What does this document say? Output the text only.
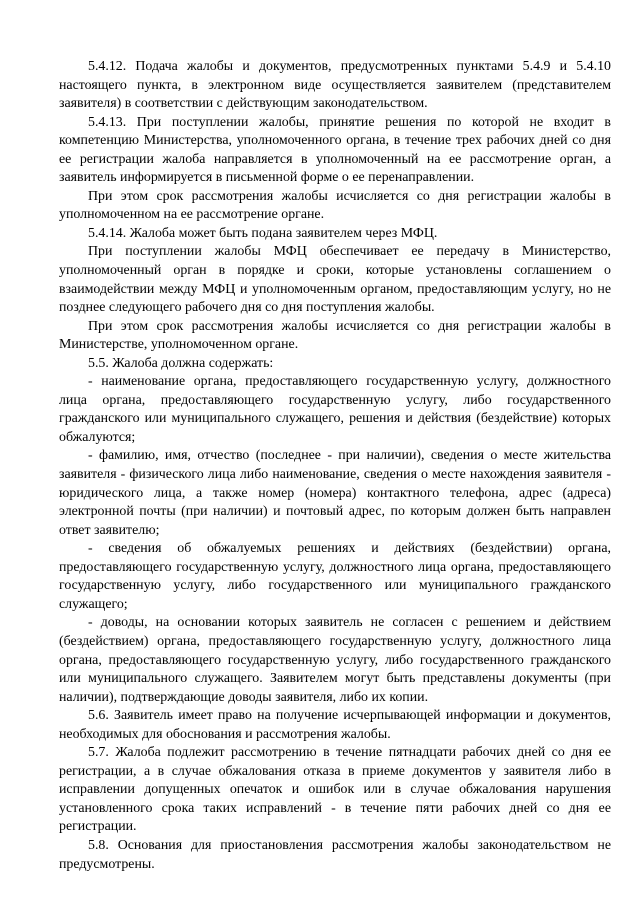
5.4.12. Подача жалобы и документов, предусмотренных пунктами 5.4.9 и 5.4.10 настоящего пункта, в электронном виде осуществляется заявителем (представителем заявителя) в соответствии с действующим законодательством.

5.4.13. При поступлении жалобы, принятие решения по которой не входит в компетенцию Министерства, уполномоченного органа, в течение трех рабочих дней со дня ее регистрации жалоба направляется в уполномоченный на ее рассмотрение орган, а заявитель информируется в письменной форме о ее перенаправлении.

При этом срок рассмотрения жалобы исчисляется со дня регистрации жалобы в уполномоченном на ее рассмотрение органе.

5.4.14. Жалоба может быть подана заявителем через МФЦ.

При поступлении жалобы МФЦ обеспечивает ее передачу в Министерство, уполномоченный орган в порядке и сроки, которые установлены соглашением о взаимодействии между МФЦ и уполномоченным органом, предоставляющим услугу, но не позднее следующего рабочего дня со дня поступления жалобы.

При этом срок рассмотрения жалобы исчисляется со дня регистрации жалобы в Министерстве, уполномоченном органе.

5.5. Жалоба должна содержать:

- наименование органа, предоставляющего государственную услугу, должностного лица органа, предоставляющего государственную услугу, либо государственного гражданского или муниципального служащего, решения и действия (бездействие) которых обжалуются;

- фамилию, имя, отчество (последнее - при наличии), сведения о месте жительства заявителя - физического лица либо наименование, сведения о месте нахождения заявителя - юридического лица, а также номер (номера) контактного телефона, адрес (адреса) электронной почты (при наличии) и почтовый адрес, по которым должен быть направлен ответ заявителю;

- сведения об обжалуемых решениях и действиях (бездействии) органа, предоставляющего государственную услугу, должностного лица органа, предоставляющего государственную услугу, либо государственного или муниципального гражданского служащего;

- доводы, на основании которых заявитель не согласен с решением и действием (бездействием) органа, предоставляющего государственную услугу, должностного лица органа, предоставляющего государственную услугу, либо государственного гражданского или муниципального служащего. Заявителем могут быть представлены документы (при наличии), подтверждающие доводы заявителя, либо их копии.

5.6. Заявитель имеет право на получение исчерпывающей информации и документов, необходимых для обоснования и рассмотрения жалобы.

5.7. Жалоба подлежит рассмотрению в течение пятнадцати рабочих дней со дня ее регистрации, а в случае обжалования отказа в приеме документов у заявителя либо в исправлении допущенных опечаток и ошибок или в случае обжалования нарушения установленного срока таких исправлений - в течение пяти рабочих дней со дня ее регистрации.

5.8. Основания для приостановления рассмотрения жалобы законодательством не предусмотрены.
